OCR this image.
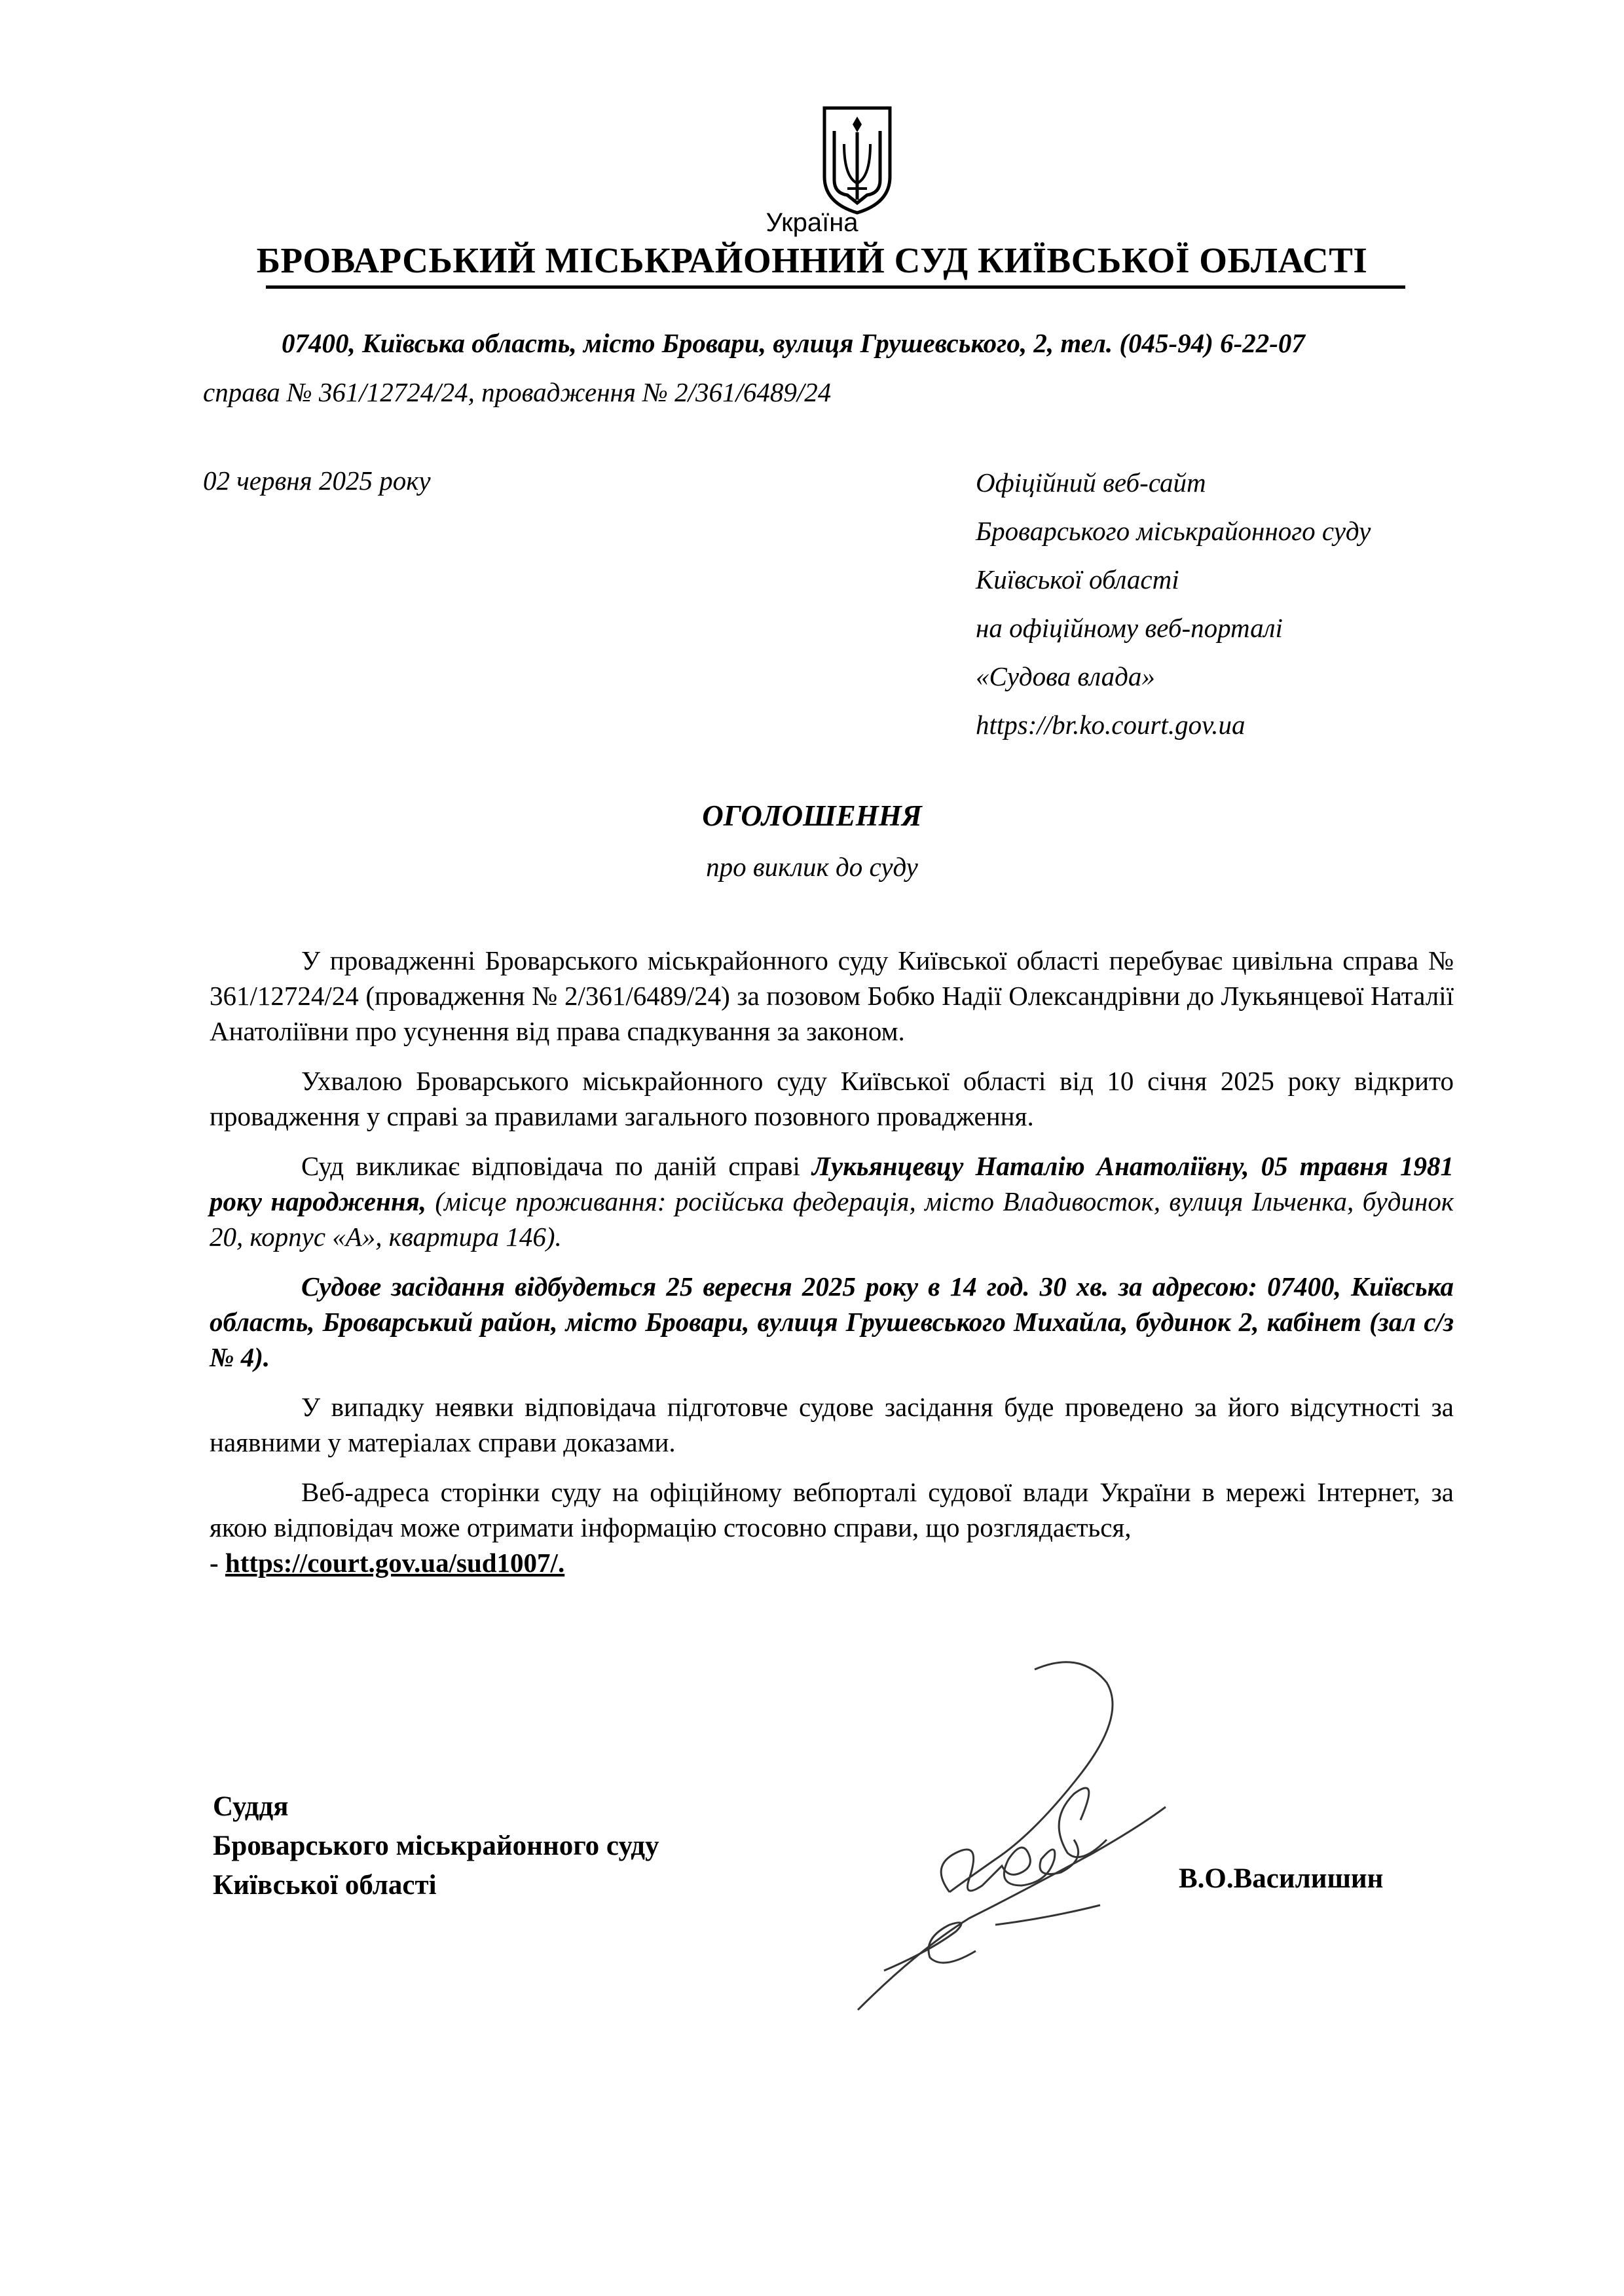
Україна
БРОВАРСЬКИЙ МІСЬКРАЙОННИЙ СУД КИЇВСЬКОЇ ОБЛАСТІ
07400, Київська область, місто Бровари, вулиця Грушевського, 2, тел. (045-94) 6-22-07
справа № 361/12724/24, провадження № 2/361/6489/24
02 червня 2025 року	Офіційний веб-сайт
Броварського міськрайонного суду
Київської області
на офіційному веб-порталі
«Судова влада»
https://br.ko.court.gov.ua
ОГОЛОШЕННЯ
про виклик до суду

У провадженні Броварського міськрайонного суду Київської області перебуває цивільна справа № 361/12724/24 (провадження № 2/361/6489/24) за позовом Бобко Надії Олександрівни до Лукьянцевої Наталії Анатоліївни про усунення від права спадкування за законом.

Ухвалою Броварського міськрайонного суду Київської області від 10 січня 2025 року відкрито провадження у справі за правилами загального позовного провадження.

Суд викликає відповідача по даній справі Лукьянцевцу Наталію Анатоліївну, 05 травня 1981 року народження, (місце проживання: російська федерація, місто Владивосток, вулиця Ільченка, будинок 20, корпус «А», квартира 146).

Судове засідання відбудеться 25 вересня 2025 року в 14 год. 30 хв. за адресою: 07400, Київська область, Броварський район, місто Бровари, вулиця Грушевського Михайла, будинок 2, кабінет (зал с/з № 4).

У випадку неявки відповідача підготовче судове засідання буде проведено за його відсутності за наявними у матеріалах справи доказами.

Веб-адреса сторінки суду на офіційному вебпорталі судової влади України в мережі Інтернет, за якою відповідач може отримати інформацію стосовно справи, що розглядається,
- https://court.gov.ua/sud1007/.

Суддя
Броварського міськрайонного суду
Київської області	В.О.Василишин
